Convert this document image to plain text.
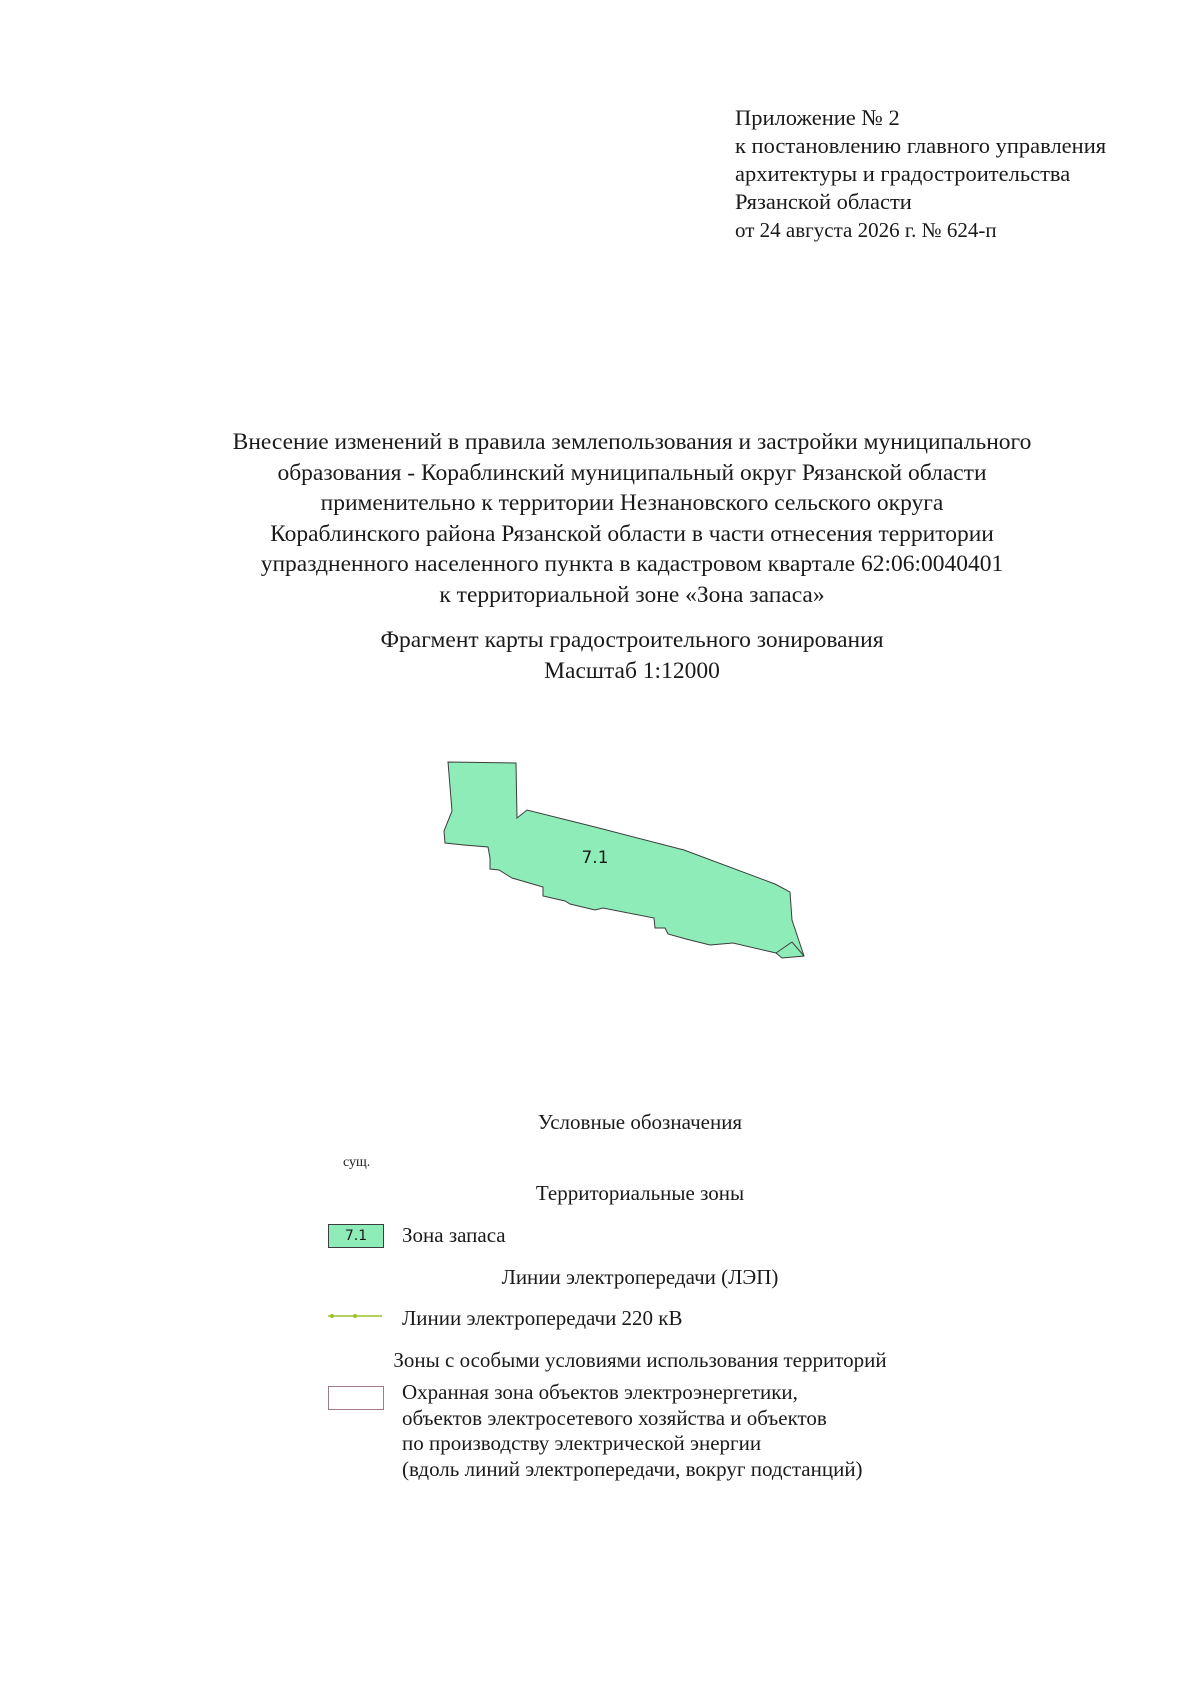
Приложение № 2
к постановлению главного управления
архитектуры и градостроительства
Рязанской области
от 24 августа 2026 г. № 624-п
Внесение изменений в правила землепользования и застройки муниципального
образования - Кораблинский муниципальный округ Рязанской области
применительно к территории Незнановского сельского округа
Кораблинского района Рязанской области в части отнесения территории
упраздненного населенного пункта в кадастровом квартале 62:06:0040401
к территориальной зоне «Зона запаса»
Фрагмент карты градостроительного зонирования
Масштаб 1:12000
7.1
Условные обозначения
сущ.
Территориальные зоны
7.1	Зона запаса
Линии электропередачи (ЛЭП)
Линии электропередачи 220 кВ
Зоны с особыми условиями использования территорий
Охранная зона объектов электроэнергетики,
объектов электросетевого хозяйства и объектов
по производству электрической энергии
(вдоль линий электропередачи, вокруг подстанций)
